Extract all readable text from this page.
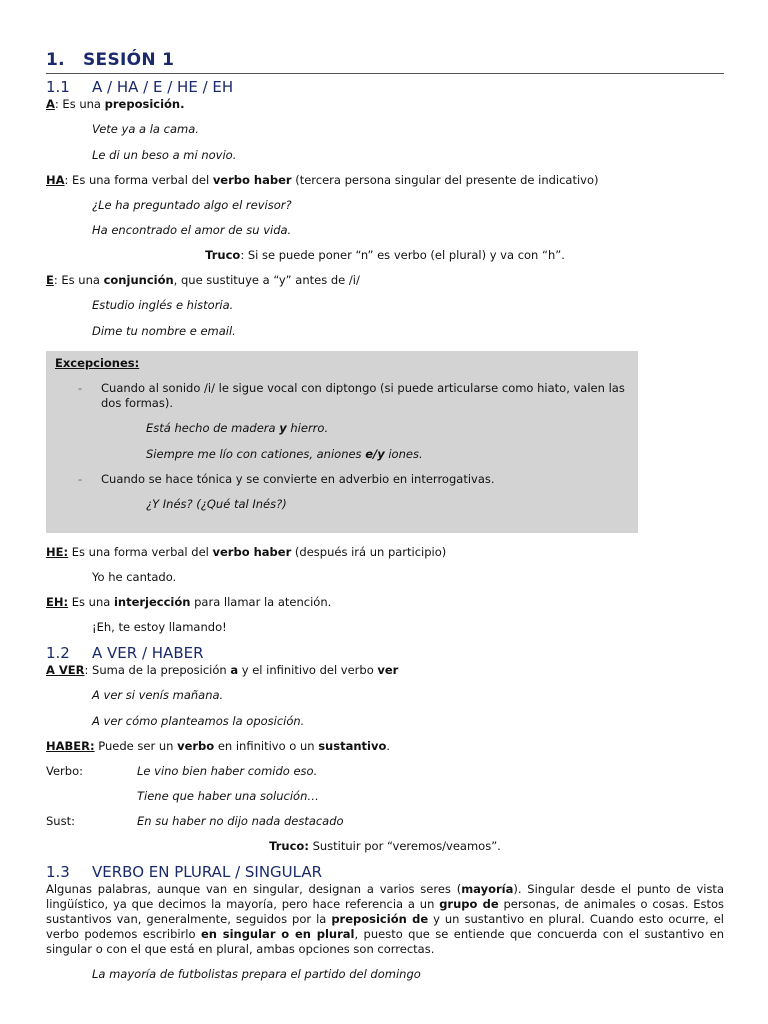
1. SESIÓN 1
1.1 A / HA / E / HE / EH
A: Es una preposición.
Vete ya a la cama.
Le di un beso a mi novio.
HA: Es una forma verbal del verbo haber (tercera persona singular del presente de indicativo)
¿Le ha preguntado algo el revisor?
Ha encontrado el amor de su vida.
Truco: Si se puede poner “n” es verbo (el plural) y va con “h”.
E: Es una conjunción, que sustituye a “y” antes de /i/
Estudio inglés e historia.
Dime tu nombre e email.
Excepciones:
- Cuando al sonido /i/ le sigue vocal con diptongo (si puede articularse como hiato, valen las dos formas).
Está hecho de madera y hierro.
Siempre me lío con cationes, aniones e/y iones.
- Cuando se hace tónica y se convierte en adverbio en interrogativas.
¿Y Inés? (¿Qué tal Inés?)
HE: Es una forma verbal del verbo haber (después irá un participio)
Yo he cantado.
EH: Es una interjección para llamar la atención.
¡Eh, te estoy llamando!
1.2 A VER / HABER
A VER: Suma de la preposición a y el infinitivo del verbo ver
A ver si venís mañana.
A ver cómo planteamos la oposición.
HABER: Puede ser un verbo en infinitivo o un sustantivo.
Verbo:	Le vino bien haber comido eso.
Tiene que haber una solución…
Sust:	En su haber no dijo nada destacado
Truco: Sustituir por “veremos/veamos”.
1.3 VERBO EN PLURAL / SINGULAR
Algunas palabras, aunque van en singular, designan a varios seres (mayoría). Singular desde el punto de vista lingüístico, ya que decimos la mayoría, pero hace referencia a un grupo de personas, de animales o cosas. Estos sustantivos van, generalmente, seguidos por la preposición de y un sustantivo en plural. Cuando esto ocurre, el verbo podemos escribirlo en singular o en plural, puesto que se entiende que concuerda con el sustantivo en singular o con el que está en plural, ambas opciones son correctas.
La mayoría de futbolistas prepara el partido del domingo
